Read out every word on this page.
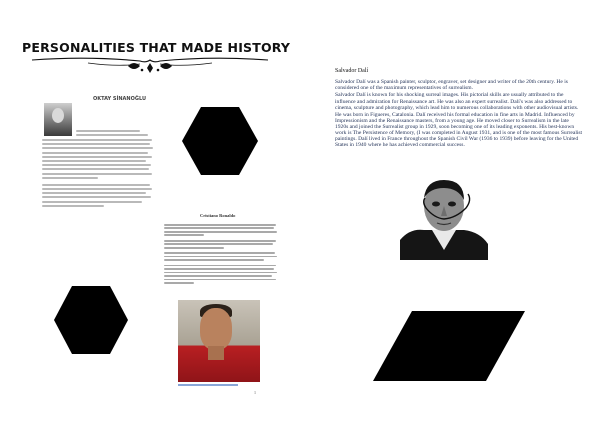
PERSONALITIES THAT MADE HISTORY
OKTAY SİNANOĞLU
Cristiano Ronaldo
1
Salvador Dalí

Salvador Dalí was a Spanish painter, sculptor, engraver, set designer and writer of the 20th century. He is considered one of the maximum representatives of surrealism.

Salvador Dalí is known for his shocking surreal images. His pictorial skills are usually attributed to the influence and admiration for Renaissance art. He was also an expert surrealist. Dalí's was also addressed to cinema, sculpture and photography, which lead him to numerous collaborations with other audiovisual artists.

He was born in Figueres, Catalonia. Dalí received his formal education in fine arts in Madrid. Influenced by Impressionism and the Renaissance masters, from a young age. He moved closer to Surrealism in the late 1920s and joined the Surrealist group in 1929, soon becoming one of its leading exponents. His best-known work is The Persistence of Memory, (I was completed in August 1931, and is one of the most famous Surrealist paintings. Dalí lived in France throughout the Spanish Civil War (1936 to 1939) before leaving for the United States in 1940 where he has achieved commercial success.
